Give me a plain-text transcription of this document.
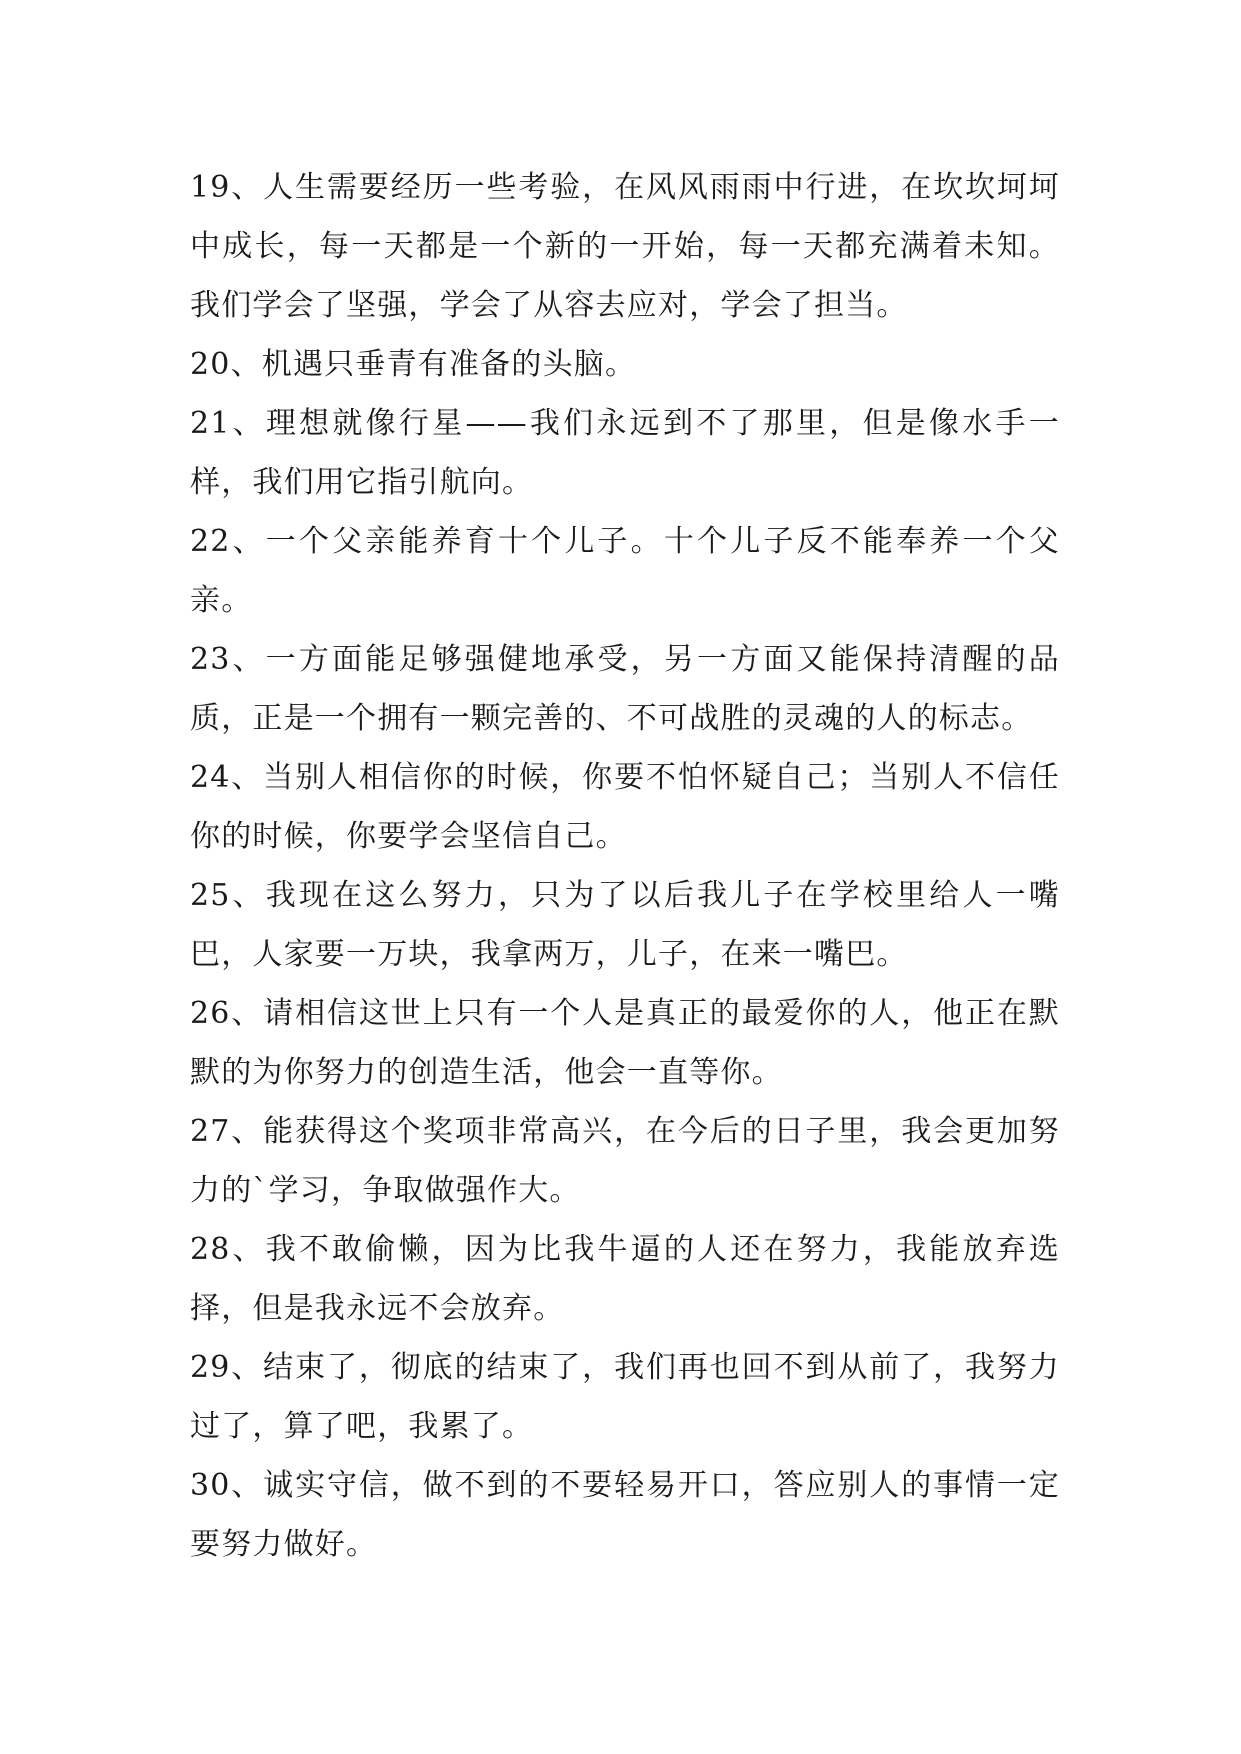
19、人生需要经历一些考验，在风风雨雨中行进，在坎坎坷坷中成长，每一天都是一个新的一开始，每一天都充满着未知。我们学会了坚强，学会了从容去应对，学会了担当。

20、机遇只垂青有准备的头脑。

21、理想就像行星——我们永远到不了那里，但是像水手一样，我们用它指引航向。

22、一个父亲能养育十个儿子。十个儿子反不能奉养一个父亲。

23、一方面能足够强健地承受，另一方面又能保持清醒的品质，正是一个拥有一颗完善的、不可战胜的灵魂的人的标志。

24、当别人相信你的时候，你要不怕怀疑自己；当别人不信任你的时候，你要学会坚信自己。

25、我现在这么努力，只为了以后我儿子在学校里给人一嘴巴，人家要一万块，我拿两万，儿子，在来一嘴巴。

26、请相信这世上只有一个人是真正的最爱你的人，他正在默默的为你努力的创造生活，他会一直等你。

27、能获得这个奖项非常高兴，在今后的日子里，我会更加努力的`学习，争取做强作大。

28、我不敢偷懒，因为比我牛逼的人还在努力，我能放弃选择，但是我永远不会放弃。

29、结束了，彻底的结束了，我们再也回不到从前了，我努力过了，算了吧，我累了。

30、诚实守信，做不到的不要轻易开口，答应别人的事情一定要努力做好。
